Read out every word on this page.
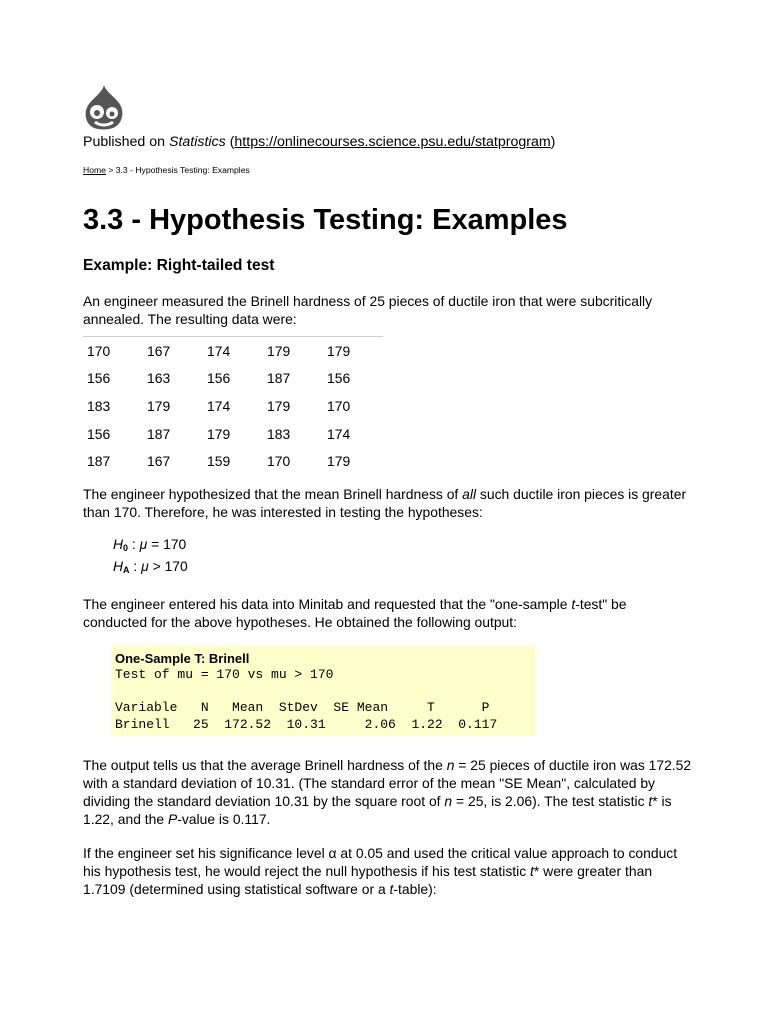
Published on Statistics (https://onlinecourses.science.psu.edu/statprogram)
Home > 3.3 - Hypothesis Testing: Examples
3.3 - Hypothesis Testing: Examples
Example: Right-tailed test

An engineer measured the Brinell hardness of 25 pieces of ductile iron that were subcritically annealed. The resulting data were:

170	167	174	179	179
156	163	156	187	156
183	179	174	179	170
156	187	179	183	174
187	167	159	170	179

The engineer hypothesized that the mean Brinell hardness of all such ductile iron pieces is greater than 170. Therefore, he was interested in testing the hypotheses:

$H_0$ : μ = 170
$H_A$ : μ > 170

The engineer entered his data into Minitab and requested that the "one-sample t-test" be conducted for the above hypotheses. He obtained the following output:

One-Sample T: Brinell
Test of mu = 170 vs mu > 170
Variable   N   Mean  StDev  SE Mean     T      P
Brinell   25  172.52  10.31     2.06  1.22  0.117

The output tells us that the average Brinell hardness of the n = 25 pieces of ductile iron was 172.52 with a standard deviation of 10.31. (The standard error of the mean "SE Mean", calculated by dividing the standard deviation 10.31 by the square root of n = 25, is 2.06). The test statistic t* is 1.22, and the P-value is 0.117.

If the engineer set his significance level α at 0.05 and used the critical value approach to conduct his hypothesis test, he would reject the null hypothesis if his test statistic t* were greater than 1.7109 (determined using statistical software or a t-table):
